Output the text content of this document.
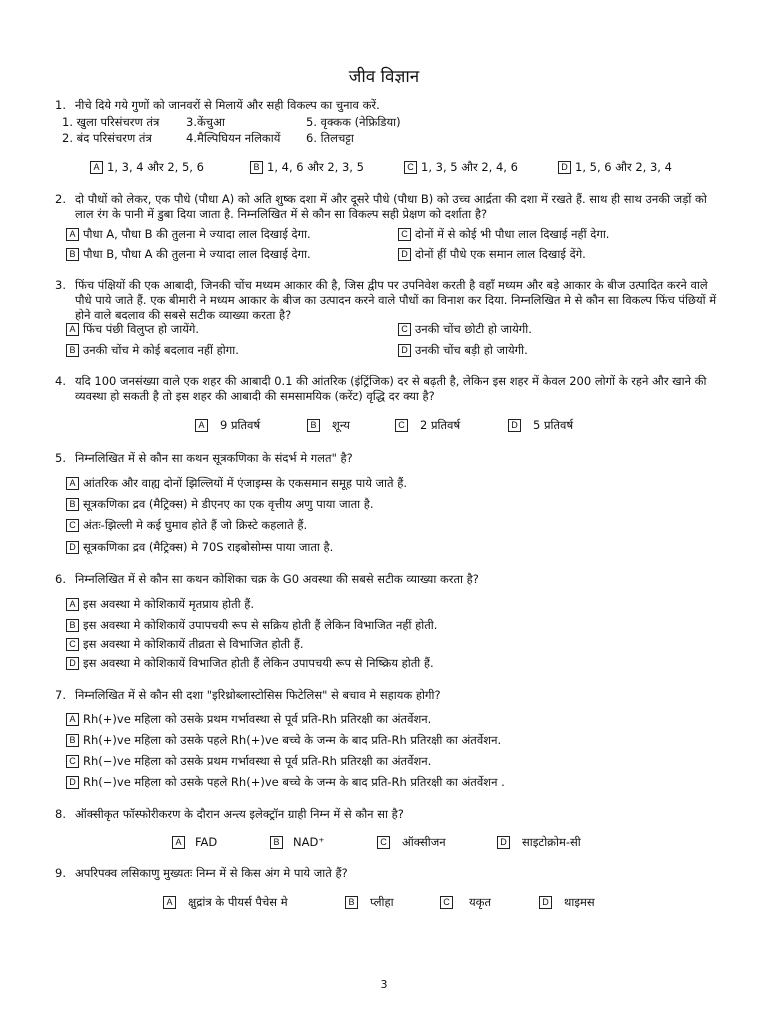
जीव विज्ञान
1. नीचे दिये गये गुणों को जानवरों से मिलायें और सही विकल्प का चुनाव करें.
1. खुला परिसंचरण तंत्र 3.केंचुआ	5. वृक्कक (नेफ्रिडिया)
2. बंद परिसंचरण तंत्र	4.मैल्पिघियन नलिकायें 6. तिलचट्टा
A 1, 3, 4 और 2, 5, 6	B 1, 4, 6 और 2, 3, 5	C 1, 3, 5 और 2, 4, 6	D 1, 5, 6 और 2, 3, 4
2. दो पौधों को लेकर, एक पौधे (पौधा A) को अति शुष्क दशा में और दूसरे पौधे (पौधा B) को उच्च आर्द्रता की दशा में रखते हैं. साथ ही साथ उनकी जड़ों को लाल रंग के पानी में डुबा दिया जाता है. निम्नलिखित में से कौन सा विकल्प सही प्रेक्षण को दर्शाता है?
A पौधा A, पौधा B की तुलना मे ज्यादा लाल दिखाई देगा.	C दोनों में से कोई भी पौधा लाल दिखाई नहीं देगा.
B पौधा B, पौधा A की तुलना मे ज्यादा लाल दिखाई देगा.	D दोनों हीं पौधे एक समान लाल दिखाई देंगे.
3. फिंच पंक्षियों की एक आबादी, जिनकी चोंच मध्यम आकार की है, जिस द्वीप पर उपनिवेश करती है वहाँ मध्यम और बड़े आकार के बीज उत्पादित करने वाले पौधे पाये जाते हैं. एक बीमारी ने मध्यम आकार के बीज का उत्पादन करने वाले पौधों का विनाश कर दिया. निम्नलिखित मे से कौन सा विकल्प फिंच पंछियों में होने वाले बदलाव की सबसे सटीक व्याख्या करता है?
A फिंच पंछी विलुप्त हो जायेंगे.	C उनकी चोंच छोटी हो जायेगी.
B उनकी चोंच मे कोई बदलाव नहीं होगा.	D उनकी चोंच बड़ी हो जायेगी.
4. यदि 100 जनसंख्या वाले एक शहर की आबादी 0.1 की आंतरिक (इंट्रिंजिक) दर से बढ़ती है, लेकिन इस शहर में केवल 200 लोगों के रहने और खाने की व्यवस्था हो सकती है तो इस शहर की आबादी की समसामयिक (करेंट) वृद्धि दर क्या है?
A	9 प्रतिवर्ष	B	शून्य	C 2 प्रतिवर्ष	D 5 प्रतिवर्ष
5. निम्नलिखित में से कौन सा कथन सूत्रकणिका के संदर्भ मे गलत" है?
A आंतरिक और वाह्य दोनों झिल्लियों में एंजाइम्स के एकसमान समूह पाये जाते हैं.
B सूत्रकणिका द्रव (मैट्रिक्स) मे डीएनए का एक वृत्तीय अणु पाया जाता है.
C अंतः-झिल्ली मे कई घुमाव होते हैं जो क्रिस्टे कहलाते हैं.
D सूत्रकणिका द्रव (मैट्रिक्स) मे 70S राइबोसोम्स पाया जाता है.
6. निम्नलिखित में से कौन सा कथन कोशिका चक्र के G0 अवस्था की सबसे सटीक व्याख्या करता है?
A इस अवस्था मे कोशिकायें मृतप्राय होती हैं.
B इस अवस्था मे कोशिकायें उपापचयी रूप से सक्रिय होती हैं लेकिन विभाजित नहीं होती.
C इस अवस्था मे कोशिकायें तीव्रता से विभाजित होती हैं.
D इस अवस्था मे कोशिकायें विभाजित होती हैं लेकिन उपापचयी रूप से निष्क्रिय होती हैं.
7. निम्नलिखित में से कौन सी दशा "इरिथ्रोब्लास्टोसिस फिटेलिस" से बचाव मे सहायक होगी?
A Rh(+)ve महिला को उसके प्रथम गर्भावस्था से पूर्व प्रति-Rh प्रतिरक्षी का अंतर्वेशन.
B Rh(+)ve महिला को उसके पहले Rh(+)ve बच्चे के जन्म के बाद प्रति-Rh प्रतिरक्षी का अंतर्वेशन.
C Rh(−)ve महिला को उसके प्रथम गर्भावस्था से पूर्व प्रति-Rh प्रतिरक्षी का अंतर्वेशन.
D Rh(−)ve महिला को उसके पहले Rh(+)ve बच्चे के जन्म के बाद प्रति-Rh प्रतिरक्षी का अंतर्वेशन .
8. ऑक्सीकृत फॉस्फोरीकरण के दौरान अन्त्य इलेक्ट्रॉन ग्राही निम्न में से कौन सा है?
A	FAD	B	NAD⁺	C ऑक्सीजन	D साइटोक्रोम-सी
9. अपरिपक्व लसिकाणु मुख्यतः निम्न में से किस अंग मे पाये जाते हैं?
A	क्षुद्रांत्र के पीयर्स पैचेस मे	B	प्लीहा	C यकृत	D थाइमस
3
